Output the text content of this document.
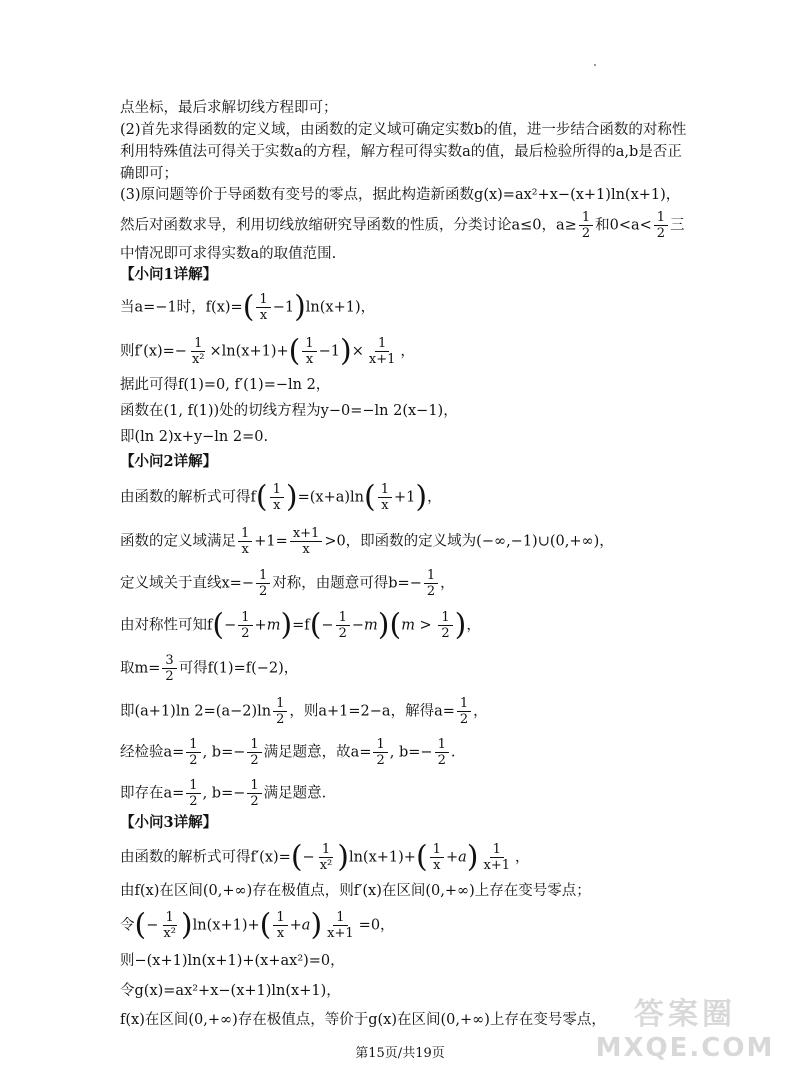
点坐标，最后求解切线方程即可；
(2)首先求得函数的定义域，由函数的定义域可确定实数b的值，进一步结合函数的对称性
利用特殊值法可得关于实数a的方程，解方程可得实数a的值，最后检验所得的a,b是否正
确即可；
(3)原问题等价于导函数有变号的零点，据此构造新函数g(x)=ax²+x−(x+1)ln(x+1)，
然后对函数求导，利用切线放缩研究导函数的性质，分类讨论a≤0，$a\ge \frac{1}{2}$ 和$0<a< \frac{1}{2}$ 三
中情况即可求得实数a的取值范围.
【小问1详解】
当a=−1时，$f(x)=( \frac{1}{x} -1)\ln(x+1)$，
则$f'(x)=- \frac{1}{\text{x²}} \times\ln(x+1)+( \frac{1}{x} -1)\times \frac{1}{x+1}$ ，
据此可得f(1)=0, f′(1)=−ln 2，
函数在(1, f(1))处的切线方程为y−0=−ln 2(x−1)，
即(ln 2)x+y−ln 2=0.
【小问2详解】
由函数的解析式可得$f( \frac{1}{x} )=(x+a)\ln( \frac{1}{x} +1)$，
函数的定义域满足 $\frac{1}{x} +1= \frac{x+1}{x} >0$，即函数的定义域为(−∞,−1)∪(0,+∞)，
定义域关于直线$x=- \frac{1}{2}$ 对称，由题意可得$b=- \frac{1}{2}$ ，
由对称性可知$f(- \frac{1}{2} +m)=f(- \frac{1}{2} -m)(m > \frac{1}{2}$ )，
取$m= \frac{3}{2}$ 可得f(1)=f(−2)，
即(a+1)ln $2=(a-2)\ln \frac{1}{2}$ ，则a+1=2−a，解得$a= \frac{1}{2}$ ，
经检验$a= \frac{1}{2}$ , $b=- \frac{1}{2}$ 满足题意，故$a= \frac{1}{2}$ , $b=- \frac{1}{2}$ .
即存在$a= \frac{1}{2}$ , $b=- \frac{1}{2}$ 满足题意.
【小问3详解】
由函数的解析式可得$f'(x)=(- \frac{1}{\text{x²}} )\ln(x+1)+( \frac{1}{x} +a) \frac{1}{x+1}$ ，
由f(x)在区间(0,+∞)存在极值点，则f′(x)在区间(0,+∞)上存在变号零点；
令(− $\frac{1}{\text{x²}} )\ln(x+1)+( \frac{1}{x} +a) \frac{1}{x+1} =0$，
则−(x+1)ln(x+1)+(x+ax²)=0，
令g(x)=ax²+x−(x+1)ln(x+1)，
f(x)在区间(0,+∞)存在极值点，等价于g(x)在区间(0,+∞)上存在变号零点，
第15页/共19页
答案圈
MXQE.COM
